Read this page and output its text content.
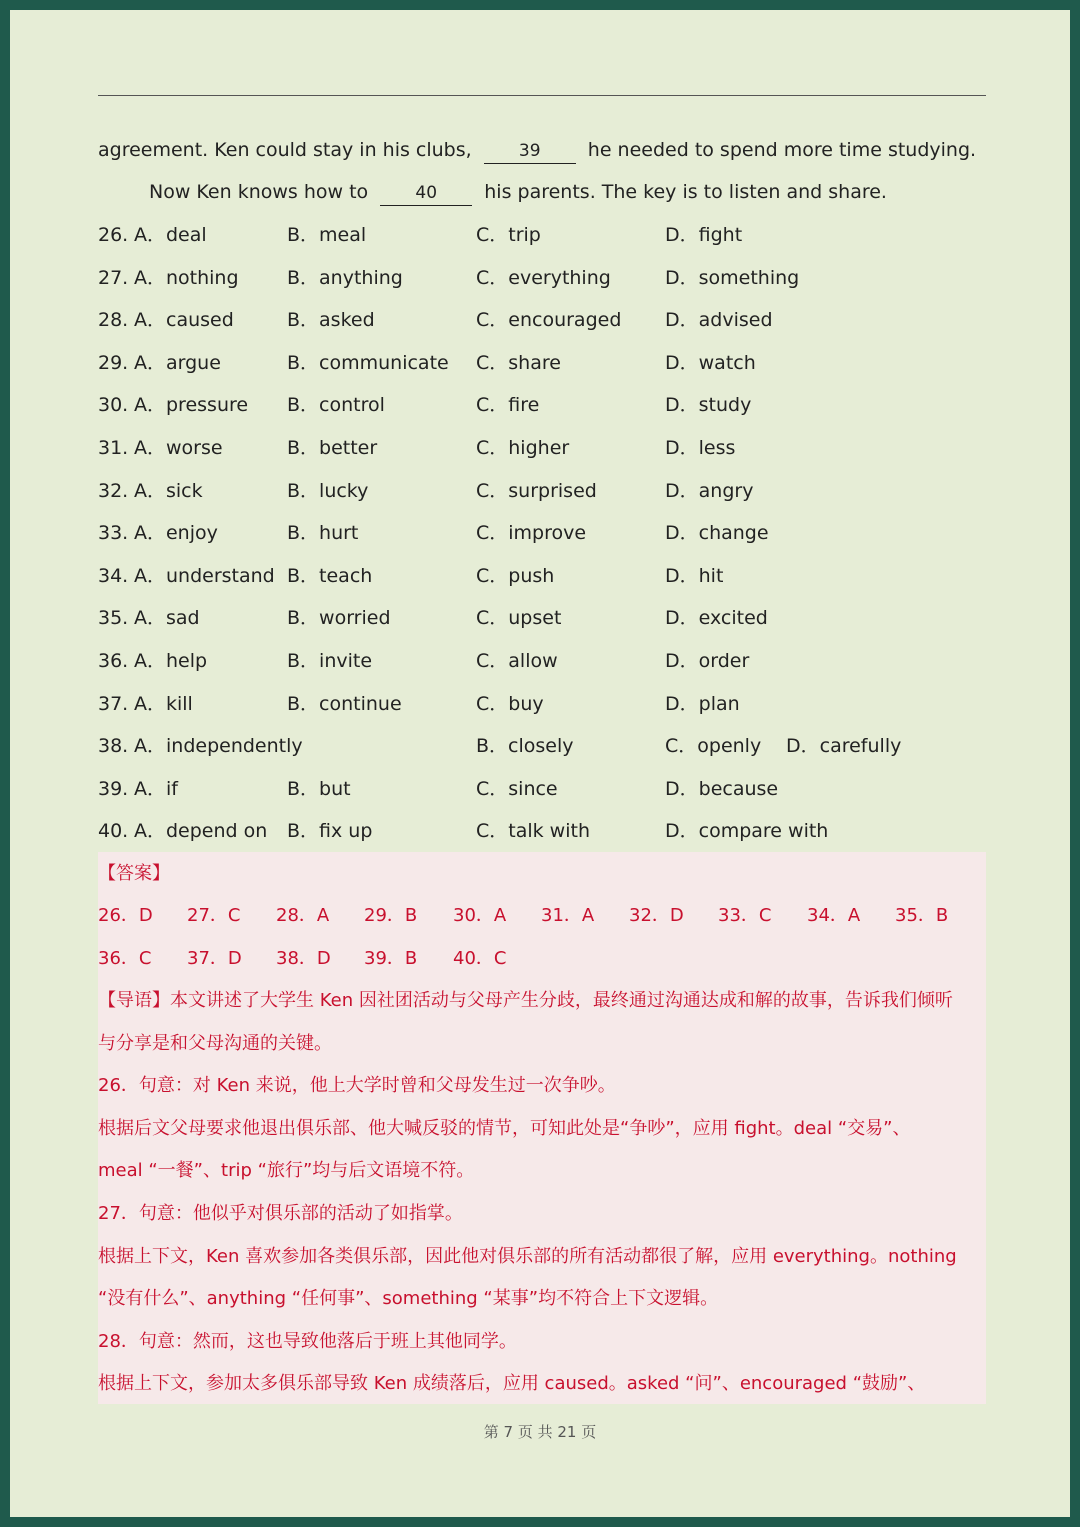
agreement. Ken could stay in his clubs,	39 he needed to spend more time studying.
Now Ken knows how to	40 his parents. The key is to listen and share.
26. A．deal	B．meal	C．trip	D．fight
27. A．nothing	B．anything	C．everything	D．something
28. A．caused	B．asked	C．encouraged D．advised
29. A．argue	B．communicate C．share	D．watch
30. A．pressure B．control	C．fire	D．study
31. A．worse	B．better	C．higher	D．less
32. A．sick	B．lucky	C．surprised	D．angry
33. A．enjoy	B．hurt	C．improve	D．change
34. A．understand B．teach	C．push	D．hit
35. A．sad	B．worried	C．upset	D．excited
36. A．help	B．invite	C．allow	D．order
37. A．kill	B．continue	C．buy	D．plan
38. A．independently	B．closely	C．openly D．carefully
39. A．if	B．but	C．since	D．because
40. A．depend on B．fix up	C．talk with	D．compare with
【答案】
26．D 27．C 28．A 29．B 30．A 31．A 32．D 33．C 34．A 35．B
36．C 37．D 38．D 39．B 40．C
【导语】本文讲述了大学生 Ken 因社团活动与父母产生分歧，最终通过沟通达成和解的故事，告诉我们倾听
与分享是和父母沟通的关键。
26．句意：对 Ken 来说，他上大学时曾和父母发生过一次争吵。
根据后文父母要求他退出俱乐部、他大喊反驳的情节，可知此处是“争吵”，应用 fight。deal “交易”、
meal “一餐”、trip “旅行”均与后文语境不符。
27．句意：他似乎对俱乐部的活动了如指掌。
根据上下文，Ken 喜欢参加各类俱乐部，因此他对俱乐部的所有活动都很了解，应用 everything。nothing
“没有什么”、anything “任何事”、something “某事”均不符合上下文逻辑。
28．句意：然而，这也导致他落后于班上其他同学。
根据上下文，参加太多俱乐部导致 Ken 成绩落后，应用 caused。asked “问”、encouraged “鼓励”、
第 7 页 共 21 页
